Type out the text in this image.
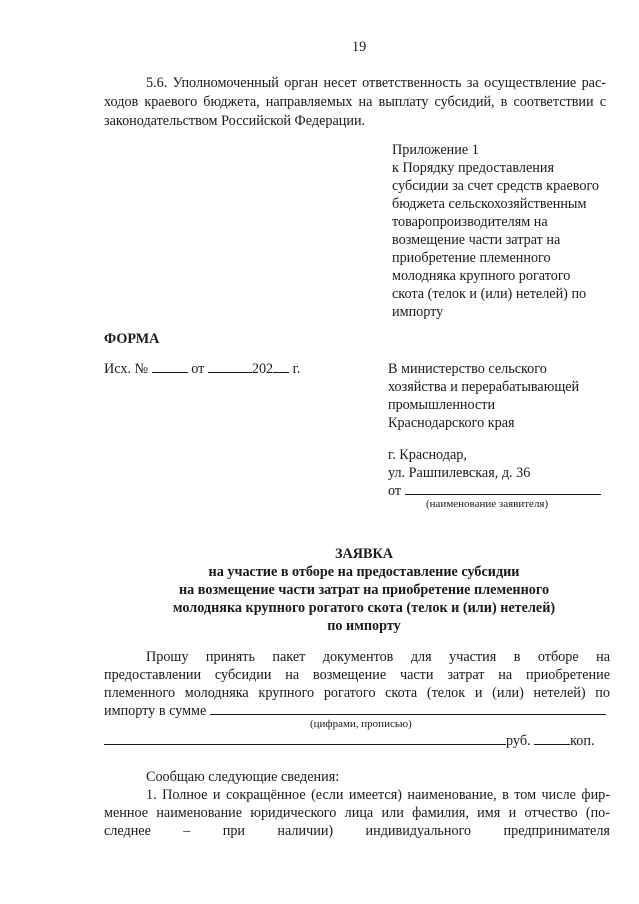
19
5.6. Уполномоченный орган несет ответственность за осуществление рас-
ходов краевого бюджета, направляемых на выплату субсидий, в соответствии с
законодательством Российской Федерации.
Приложение 1
к Порядку предоставления
субсидии за счет средств краевого
бюджета сельскохозяйственным
товаропроизводителям на
возмещение части затрат на
приобретение племенного
молодняка крупного рогатого
скота (телок и (или) нетелей) по
импорту
ФОРМА
Исх. №	от	202 г.	В министерство сельского
хозяйства и перерабатывающей
промышленности
Краснодарского края
г. Краснодар,
ул. Рашпилевская, д. 36
от
(наименование заявителя)
ЗАЯВКА
на участие в отборе на предоставление субсидии
на возмещение части затрат на приобретение племенного
молодняка крупного рогатого скота (телок и (или) нетелей)
по импорту
Прошу принять пакет документов для участия в отборе на
предоставлении субсидии на возмещение части затрат на приобретение
племенного молодняка крупного рогатого скота (телок и (или) нетелей) по
импорту в сумме
(цифрами, прописью)
руб.	коп.
Сообщаю следующие сведения:
1. Полное и сокращённое (если имеется) наименование, в том числе фир-
менное наименование юридического лица или фамилия, имя и отчество (по-
следнее – при наличии) индивидуального предпринимателя
